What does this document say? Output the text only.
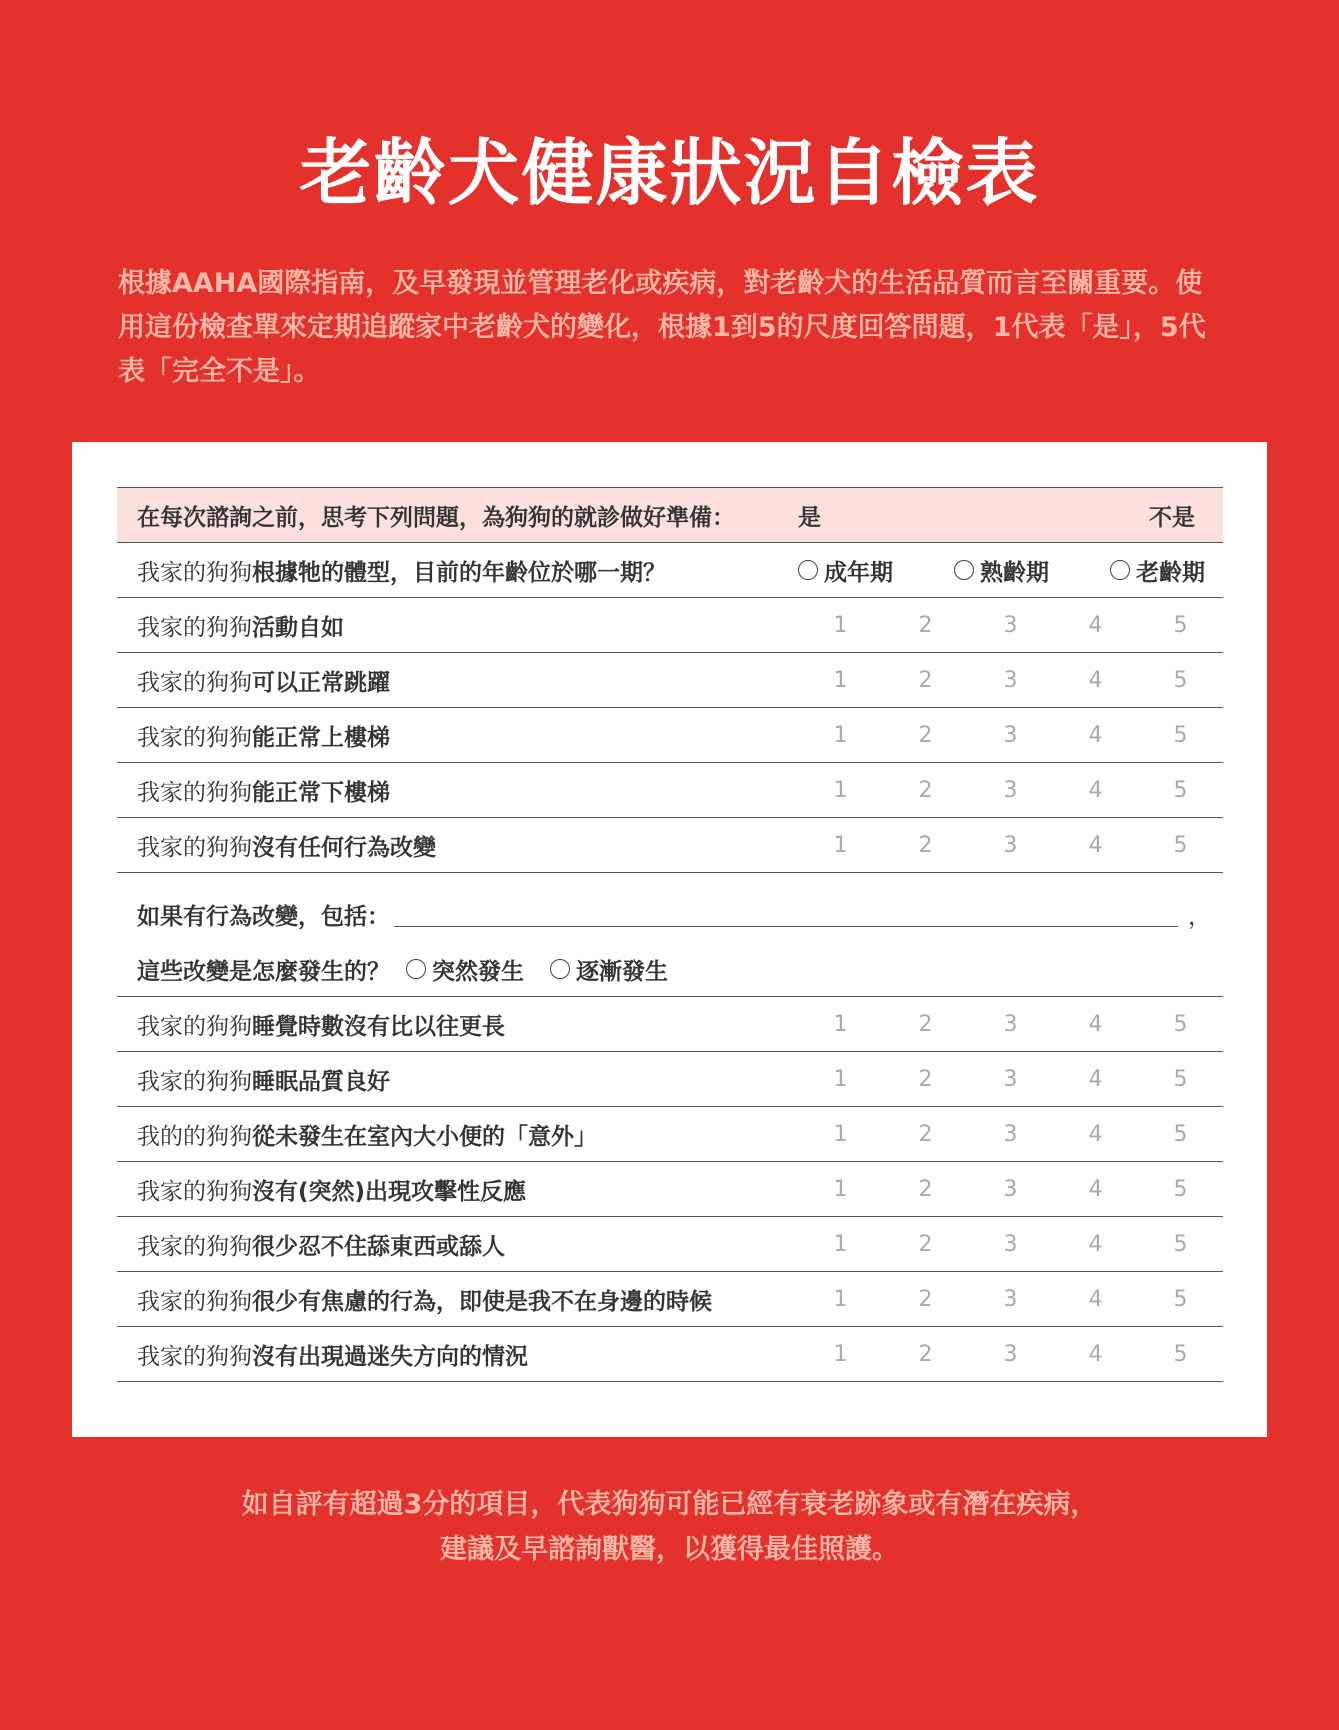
老齡犬健康狀況自檢表
根據AAHA國際指南，及早發現並管理老化或疾病，對老齡犬的生活品質而言至關重要。使用這份檢查單來定期追蹤家中老齡犬的變化，根據1到5的尺度回答問題，1代表「是」，5代表「完全不是」。
在每次諮詢之前，思考下列問題，為狗狗的就診做好準備：	是	不是
我家的狗狗根據牠的體型，目前的年齡位於哪一期？	成年期	熟齡期	老齡期
我家的狗狗活動自如	1	2	3	4	5
我家的狗狗可以正常跳躍	1	2	3	4	5
我家的狗狗能正常上樓梯	1	2	3	4	5
我家的狗狗能正常下樓梯	1	2	3	4	5
我家的狗狗沒有任何行為改變	1	2	3	4	5
如果有行為改變，包括：	，
這些改變是怎麼發生的？ 突然發生 逐漸發生
我家的狗狗睡覺時數沒有比以往更長	1	2	3	4	5
我家的狗狗睡眠品質良好	1	2	3	4	5
我的的狗狗從未發生在室內大小便的「意外」	1	2	3	4	5
我家的狗狗沒有(突然)出現攻擊性反應	1	2	3	4	5
我家的狗狗很少忍不住舔東西或舔人	1	2	3	4	5
我家的狗狗很少有焦慮的行為，即使是我不在身邊的時候	1	2	3	4	5
我家的狗狗沒有出現過迷失方向的情況	1	2	3	4	5
如自評有超過3分的項目，代表狗狗可能已經有衰老跡象或有潛在疾病，
建議及早諮詢獸醫，以獲得最佳照護。
